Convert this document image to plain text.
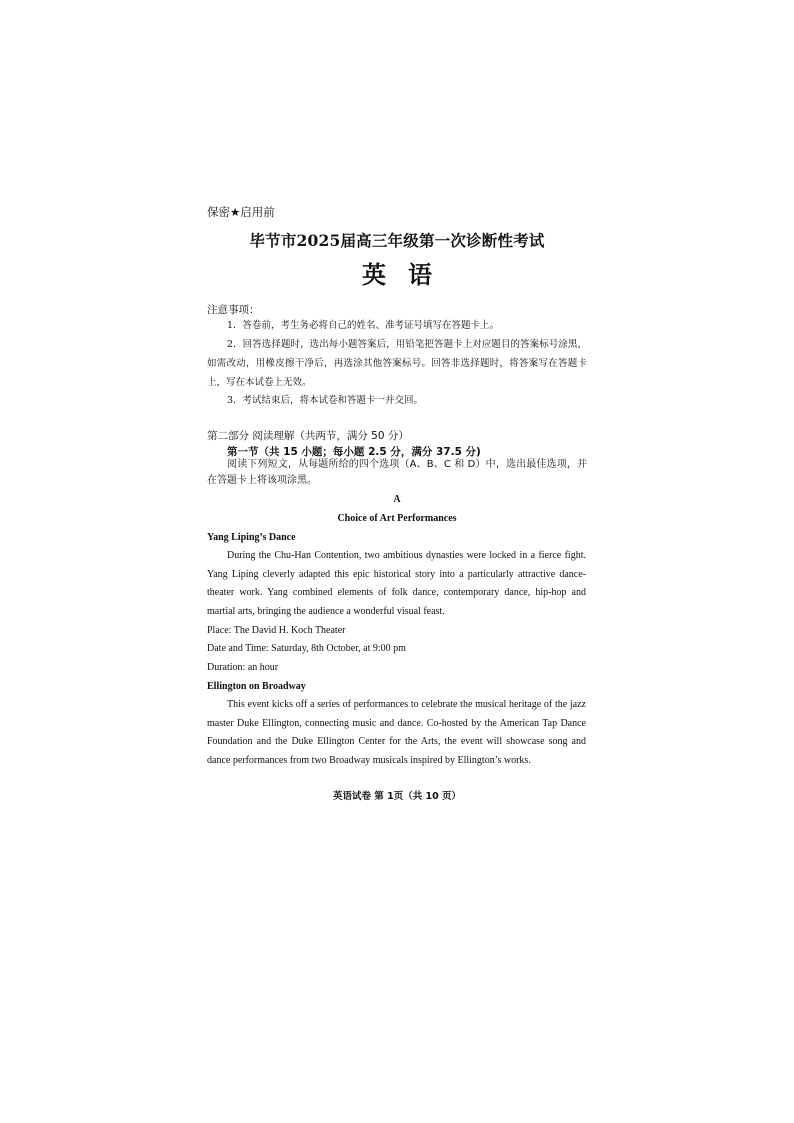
保密★启用前
毕节市2025届高三年级第一次诊断性考试
英语
注意事项：
1．答卷前，考生务必将自己的姓名、准考证号填写在答题卡上。
2．回答选择题时，选出每小题答案后，用铅笔把答题卡上对应题目的答案标号涂黑，如需改动，用橡皮擦干净后，再选涂其他答案标号。回答非选择题时，将答案写在答题卡上，写在本试卷上无效。
3．考试结束后，将本试卷和答题卡一并交回。
第二部分 阅读理解（共两节，满分 50 分）
第一节（共 15 小题；每小题 2.5 分，满分 37.5 分)
阅读下列短文，从每题所给的四个选项（A、B、C 和 D）中，选出最佳选项，并在答题卡上将该项涂黑。
A
Choice of Art Performances
Yang Liping’s Dance
During the Chu-Han Contention, two ambitious dynasties were locked in a fierce fight. Yang Liping cleverly adapted this epic historical story into a particularly attractive dance-theater work. Yang combined elements of folk dance, contemporary dance, hip-hop and martial arts, bringing the audience a wonderful visual feast.
Place: The David H. Koch Theater
Date and Time: Saturday, 8th October, at 9:00 pm
Duration: an hour
Ellington on Broadway
This event kicks off a series of performances to celebrate the musical heritage of the jazz master Duke Ellington, connecting music and dance. Co-hosted by the American Tap Dance Foundation and the Duke Ellington Center for the Arts, the event will showcase song and dance performances from two Broadway musicals inspired by Ellington’s works.
英语试卷 第 1页（共 10 页）
